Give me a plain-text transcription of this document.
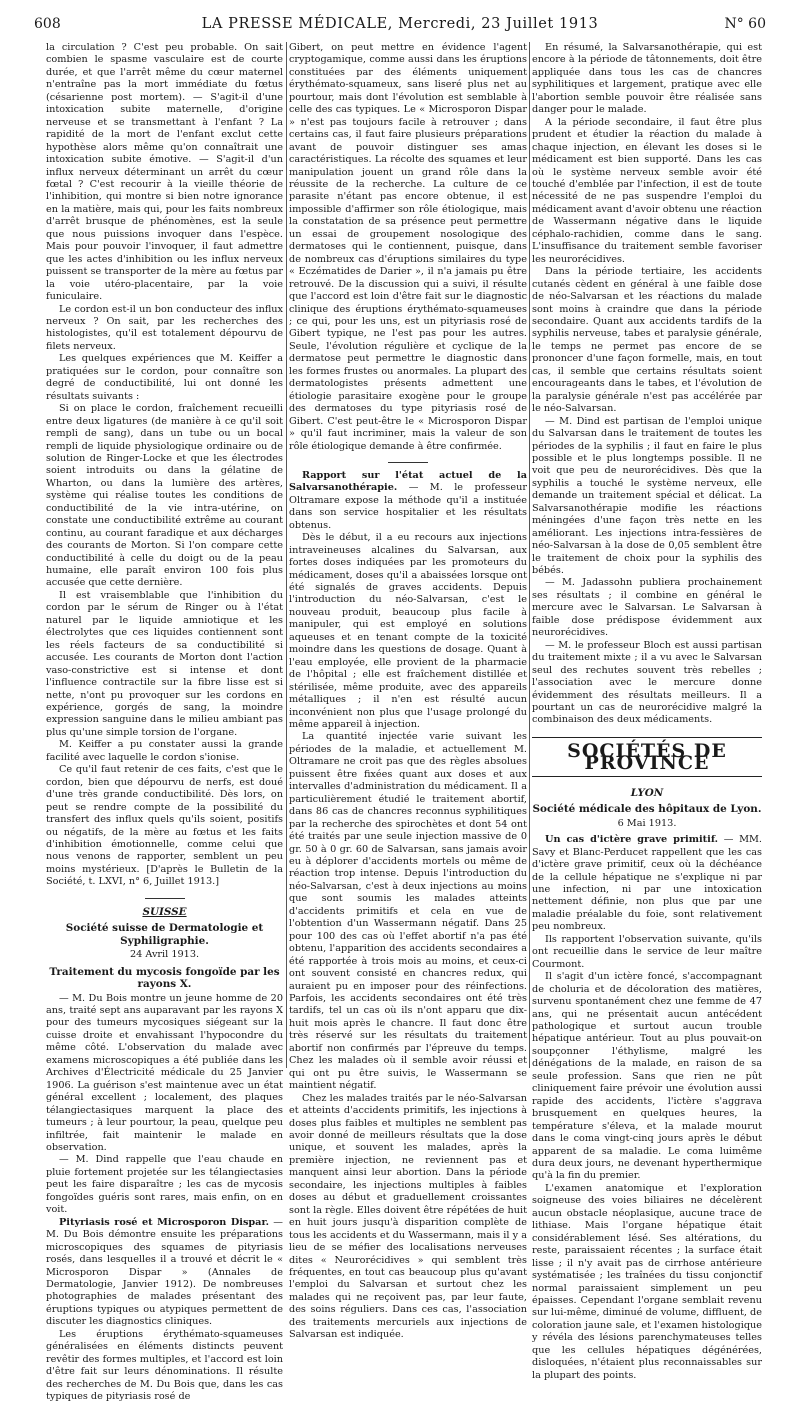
608	LA PRESSE MÉDICALE, Mercredi, 23 Juillet 1913	N° 60

la circulation ? C'est peu probable. On sait combien le spasme vasculaire est de courte durée, et que l'arrêt même du cœur maternel n'entraîne pas la mort immédiate du fœtus (césarienne post mortem). — S'agit-il d'une intoxication subite maternelle, d'origine nerveuse et se transmettant à l'enfant ? La rapidité de la mort de l'enfant exclut cette hypothèse alors même qu'on connaîtrait une intoxication subite émotive. — S'agit-il d'un influx nerveux déterminant un arrêt du cœur fœtal ? C'est recourir à la vieille théorie de l'inhibition, qui montre si bien notre ignorance en la matière, mais qui, pour les faits nombreux d'arrêt brusque de phénomènes, est la seule que nous puissions invoquer dans l'espèce. Mais pour pouvoir l'invoquer, il faut admettre que les actes d'inhibition ou les influx nerveux puissent se transporter de la mère au fœtus par la voie utéro-placentaire, par la voie funiculaire.

Le cordon est-il un bon conducteur des influx nerveux ? On sait, par les recherches des histologistes, qu'il est totalement dépourvu de filets nerveux.

Les quelques expériences que M. Keiffer a pratiquées sur le cordon, pour connaître son degré de conductibilité, lui ont donné les résultats suivants :

Si on place le cordon, fraîchement recueilli entre deux ligatures (de manière à ce qu'il soit rempli de sang), dans un tube ou un bocal rempli de liquide physiologique ordinaire ou de solution de Ringer-Locke et que les électrodes soient introduits ou dans la gélatine de Wharton, ou dans la lumière des artères, système qui réalise toutes les conditions de conductibilité de la vie intra-utérine, on constate une conductibilité extrême au courant continu, au courant faradique et aux décharges des courants de Morton. Si l'on compare cette conductibilité à celle du doigt ou de la peau humaine, elle paraît environ 100 fois plus accusée que cette dernière.

Il est vraisemblable que l'inhibition du cordon par le sérum de Ringer ou à l'état naturel par le liquide amniotique et les électrolytes que ces liquides contiennent sont les réels facteurs de sa conductibilité si accusée. Les courants de Morton dont l'action vaso-constrictive est si intense et dont l'influence contractile sur la fibre lisse est si nette, n'ont pu provoquer sur les cordons en expérience, gorgés de sang, la moindre expression sanguine dans le milieu ambiant pas plus qu'une simple torsion de l'organe.

M. Keiffer a pu constater aussi la grande facilité avec laquelle le cordon s'ionise.

Ce qu'il faut retenir de ces faits, c'est que le cordon, bien que dépourvu de nerfs, est doué d'une très grande conductibilité. Dès lors, on peut se rendre compte de la possibilité du transfert des influx quels qu'ils soient, positifs ou négatifs, de la mère au fœtus et les faits d'inhibition émotionnelle, comme celui que nous venons de rapporter, semblent un peu moins mystérieux. [D'après le Bulletin de la Société, t. LXVI, n° 6, Juillet 1913.]

SUISSE
Société suisse de Dermatologie et Syphiligraphie.
24 Avril 1913.
Traitement du mycosis fongoïde par les rayons X.

— M. Du Bois montre un jeune homme de 20 ans, traité sept ans auparavant par les rayons X pour des tumeurs mycosiques siégeant sur la cuisse droite et envahissant l'hypocondre du même côté. L'observation du malade avec examens microscopiques a été publiée dans les Archives d'Électricité médicale du 25 Janvier 1906. La guérison s'est maintenue avec un état général excellent ; localement, des plaques télangiectasiques marquent la place des tumeurs ; à leur pourtour, la peau, quelque peu infiltrée, fait maintenir le malade en observation.

— M. Dind rappelle que l'eau chaude en pluie fortement projetée sur les télangiectasies peut les faire disparaître ; les cas de mycosis fongoïdes guéris sont rares, mais enfin, on en voit.

Pityriasis rosé et Microsporon Dispar. — M. Du Bois démontre ensuite les préparations microscopiques des squames de pityriasis rosés, dans lesquelles il a trouvé et décrit le « Microsporon Dispar » (Annales de Dermatologie, Janvier 1912). De nombreuses photographies de malades présentant des éruptions typiques ou atypiques permettent de discuter les diagnostics cliniques.

Les éruptions érythémato-squameuses généralisées en éléments distincts peuvent revêtir des formes multiples, et l'accord est loin d'être fait sur leurs dénominations. Il résulte des recherches de M. Du Bois que, dans les cas typiques de pityriasis rosé de

Gibert, on peut mettre en évidence l'agent cryptogamique, comme aussi dans les éruptions constituées par des éléments uniquement érythémato-squameux, sans liseré plus net au pourtour, mais dont l'évolution est semblable à celle des cas typiques. Le « Microsporon Dispar » n'est pas toujours facile à retrouver ; dans certains cas, il faut faire plusieurs préparations avant de pouvoir distinguer ses amas caractéristiques. La récolte des squames et leur manipulation jouent un grand rôle dans la réussite de la recherche. La culture de ce parasite n'étant pas encore obtenue, il est impossible d'affirmer son rôle étiologique, mais la constatation de sa présence peut permettre un essai de groupement nosologique des dermatoses qui le contiennent, puisque, dans de nombreux cas d'éruptions similaires du type « Eczématides de Darier », il n'a jamais pu être retrouvé. De la discussion qui a suivi, il résulte que l'accord est loin d'être fait sur le diagnostic clinique des éruptions érythémato-squameuses ; ce qui, pour les uns, est un pityriasis rosé de Gibert typique, ne l'est pas pour les autres. Seule, l'évolution régulière et cyclique de la dermatose peut permettre le diagnostic dans les formes frustes ou anormales. La plupart des dermatologistes présents admettent une étiologie parasitaire exogène pour le groupe des dermatoses du type pityriasis rosé de Gibert. C'est peut-être le « Microsporon Dispar » qu'il faut incriminer, mais la valeur de son rôle étiologique demande à être confirmée.

Rapport sur l'état actuel de la Salvarsanothérapie. — M. le professeur Oltramare expose la méthode qu'il a instituée dans son service hospitalier et les résultats obtenus.

Dès le début, il a eu recours aux injections intraveineuses alcalines du Salvarsan, aux fortes doses indiquées par les promoteurs du médicament, doses qu'il a abaissées lorsque ont été signalés de graves accidents. Depuis l'introduction du néo-Salvarsan, c'est le nouveau produit, beaucoup plus facile à manipuler, qui est employé en solutions aqueuses et en tenant compte de la toxicité moindre dans les questions de dosage. Quant à l'eau employée, elle provient de la pharmacie de l'hôpital ; elle est fraîchement distillée et stérilisée, même produite, avec des appareils métalliques ; il n'en est résulté aucun inconvénient non plus que l'usage prolongé du même appareil à injection.

La quantité injectée varie suivant les périodes de la maladie, et actuellement M. Oltramare ne croit pas que des règles absolues puissent être fixées quant aux doses et aux intervalles d'administration du médicament. Il a particulièrement étudié le traitement abortif, dans 86 cas de chancres reconnus syphilitiques par la recherche des spirochètes et dont 54 ont été traités par une seule injection massive de 0 gr. 50 à 0 gr. 60 de Salvarsan, sans jamais avoir eu à déplorer d'accidents mortels ou même de réaction trop intense. Depuis l'introduction du néo-Salvarsan, c'est à deux injections au moins que sont soumis les malades atteints d'accidents primitifs et cela en vue de l'obtention d'un Wassermann négatif. Dans 25 pour 100 des cas où l'effet abortif n'a pas été obtenu, l'apparition des accidents secondaires a été rapportée à trois mois au moins, et ceux-ci ont souvent consisté en chancres redux, qui auraient pu en imposer pour des réinfections. Parfois, les accidents secondaires ont été très tardifs, tel un cas où ils n'ont apparu que dix-huit mois après le chancre. Il faut donc être très réservé sur les résultats du traitement abortif non confirmés par l'épreuve du temps. Chez les malades où il semble avoir réussi et qui ont pu être suivis, le Wassermann se maintient négatif.

Chez les malades traités par le néo-Salvarsan et atteints d'accidents primitifs, les injections à doses plus faibles et multiples ne semblent pas avoir donné de meilleurs résultats que la dose unique, et souvent les malades, après la première injection, ne reviennent pas et manquent ainsi leur abortion. Dans la période secondaire, les injections multiples à faibles doses au début et graduellement croissantes sont la règle. Elles doivent être répétées de huit en huit jours jusqu'à disparition complète de tous les accidents et du Wassermann, mais il y a lieu de se méfier des localisations nerveuses dites « Neurorécidives » qui semblent très fréquentes, en tout cas beaucoup plus qu'avant l'emploi du Salvarsan et surtout chez les malades qui ne reçoivent pas, par leur faute, des soins réguliers. Dans ces cas, l'association des traitements mercuriels aux injections de Salvarsan est indiquée.

En résumé, la Salvarsanothérapie, qui est encore à la période de tâtonnements, doit être appliquée dans tous les cas de chancres syphilitiques et largement, pratique avec elle l'abortion semble pouvoir être réalisée sans danger pour le malade.

A la période secondaire, il faut être plus prudent et étudier la réaction du malade à chaque injection, en élevant les doses si le médicament est bien supporté. Dans les cas où le système nerveux semble avoir été touché d'emblée par l'infection, il est de toute nécessité de ne pas suspendre l'emploi du médicament avant d'avoir obtenu une réaction de Wassermann négative dans le liquide céphalo-rachidien, comme dans le sang. L'insuffisance du traitement semble favoriser les neurorécidives.

Dans la période tertiaire, les accidents cutanés cèdent en général à une faible dose de néo-Salvarsan et les réactions du malade sont moins à craindre que dans la période secondaire. Quant aux accidents tardifs de la syphilis nerveuse, tabes et paralysie générale, le temps ne permet pas encore de se prononcer d'une façon formelle, mais, en tout cas, il semble que certains résultats soient encourageants dans le tabes, et l'évolution de la paralysie générale n'est pas accélérée par le néo-Salvarsan.

— M. Dind est partisan de l'emploi unique du Salvarsan dans le traitement de toutes les périodes de la syphilis ; il faut en faire le plus possible et le plus longtemps possible. Il ne voit que peu de neurorécidives. Dès que la syphilis a touché le système nerveux, elle demande un traitement spécial et délicat. La Salvarsanothérapie modifie les réactions méningées d'une façon très nette en les améliorant. Les injections intra-fessières de néo-Salvarsan à la dose de 0,05 semblent être le traitement de choix pour la syphilis des bébés.

— M. Jadassohn publiera prochainement ses résultats ; il combine en général le mercure avec le Salvarsan. Le Salvarsan à faible dose prédispose évidemment aux neurorécidives.

— M. le professeur Bloch est aussi partisan du traitement mixte ; il a vu avec le Salvarsan seul des rechutes souvent très rebelles ; l'association avec le mercure donne évidemment des résultats meilleurs. Il a pourtant un cas de neurorécidive malgré la combinaison des deux médicaments.

SOCIÉTÉS DE PROVINCE
LYON
Société médicale des hôpitaux de Lyon.
6 Mai 1913.

Un cas d'ictère grave primitif. — MM. Savy et Blanc-Perducet rappellent que les cas d'ictère grave primitif, ceux où la déchéance de la cellule hépatique ne s'explique ni par une infection, ni par une intoxication nettement définie, non plus que par une maladie préalable du foie, sont relativement peu nombreux.

Ils rapportent l'observation suivante, qu'ils ont recueillie dans le service de leur maître Courmont.

Il s'agit d'un ictère foncé, s'accompagnant de choluria et de décoloration des matières, survenu spontanément chez une femme de 47 ans, qui ne présentait aucun antécédent pathologique et surtout aucun trouble hépatique antérieur. Tout au plus pouvait-on soupçonner l'éthylisme, malgré les dénégations de la malade, en raison de sa seule profession. Sans que rien ne pût cliniquement faire prévoir une évolution aussi rapide des accidents, l'ictère s'aggrava brusquement en quelques heures, la température s'éleva, et la malade mourut dans le coma vingt-cinq jours après le début apparent de sa maladie. Le coma luimême dura deux jours, ne devenant hyperthermique qu'à la fin du premier.

L'examen anatomique et l'exploration soigneuse des voies biliaires ne décelèrent aucun obstacle néoplasique, aucune trace de lithiase. Mais l'organe hépatique était considérablement lésé. Ses altérations, du reste, paraissaient récentes ; la surface était lisse ; il n'y avait pas de cirrhose antérieure systématisée ; les traînées du tissu conjonctif normal paraissaient simplement un peu épaisses. Cependant l'organe semblait revenu sur lui-même, diminué de volume, diffluent, de coloration jaune sale, et l'examen histologique y révéla des lésions parenchymateuses telles que les cellules hépatiques dégénérées, disloquées, n'étaient plus reconnaissables sur la plupart des points.
